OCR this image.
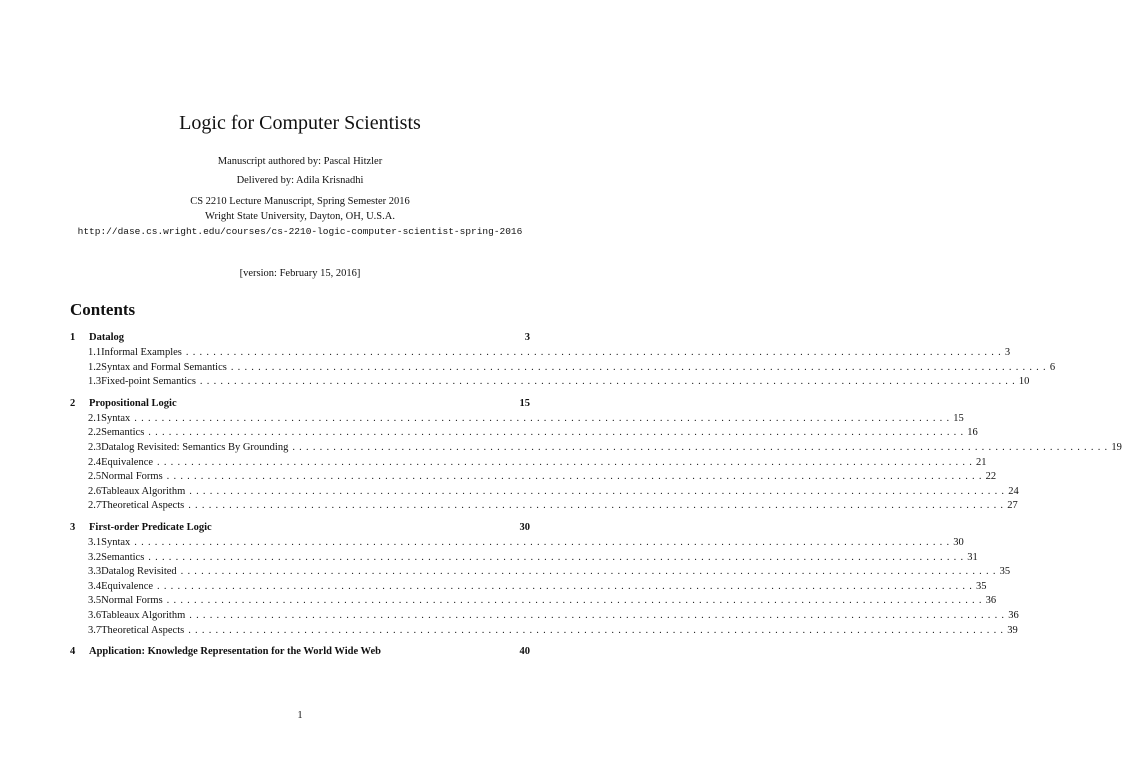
Logic for Computer Scientists
Manuscript authored by: Pascal Hitzler
Delivered by: Adila Krisnadhi
CS 2210 Lecture Manuscript, Spring Semester 2016
Wright State University, Dayton, OH, U.S.A.
http://dase.cs.wright.edu/courses/cs-2210-logic-computer-scientist-spring-2016
[version: February 15, 2016]
Contents
1	Datalog	3
1.1 Informal Examples ........................................................................................................................ 3
1.2 Syntax and Formal Semantics ........................................................................................................................ 6
1.3 Fixed-point Semantics ........................................................................................................................ 10
2	Propositional Logic	15
2.1 Syntax ........................................................................................................................ 15
2.2 Semantics ........................................................................................................................ 16
2.3 Datalog Revisited: Semantics By Grounding ........................................................................................................................ 19
2.4 Equivalence ........................................................................................................................ 21
2.5 Normal Forms ........................................................................................................................ 22
2.6 Tableaux Algorithm ........................................................................................................................ 24
2.7 Theoretical Aspects ........................................................................................................................ 27
3	First-order Predicate Logic	30
3.1 Syntax ........................................................................................................................ 30
3.2 Semantics ........................................................................................................................ 31
3.3 Datalog Revisited ........................................................................................................................ 35
3.4 Equivalence ........................................................................................................................ 35
3.5 Normal Forms ........................................................................................................................ 36
3.6 Tableaux Algorithm ........................................................................................................................ 36
3.7 Theoretical Aspects ........................................................................................................................ 39
4	Application: Knowledge Representation for the World Wide Web	40
1
